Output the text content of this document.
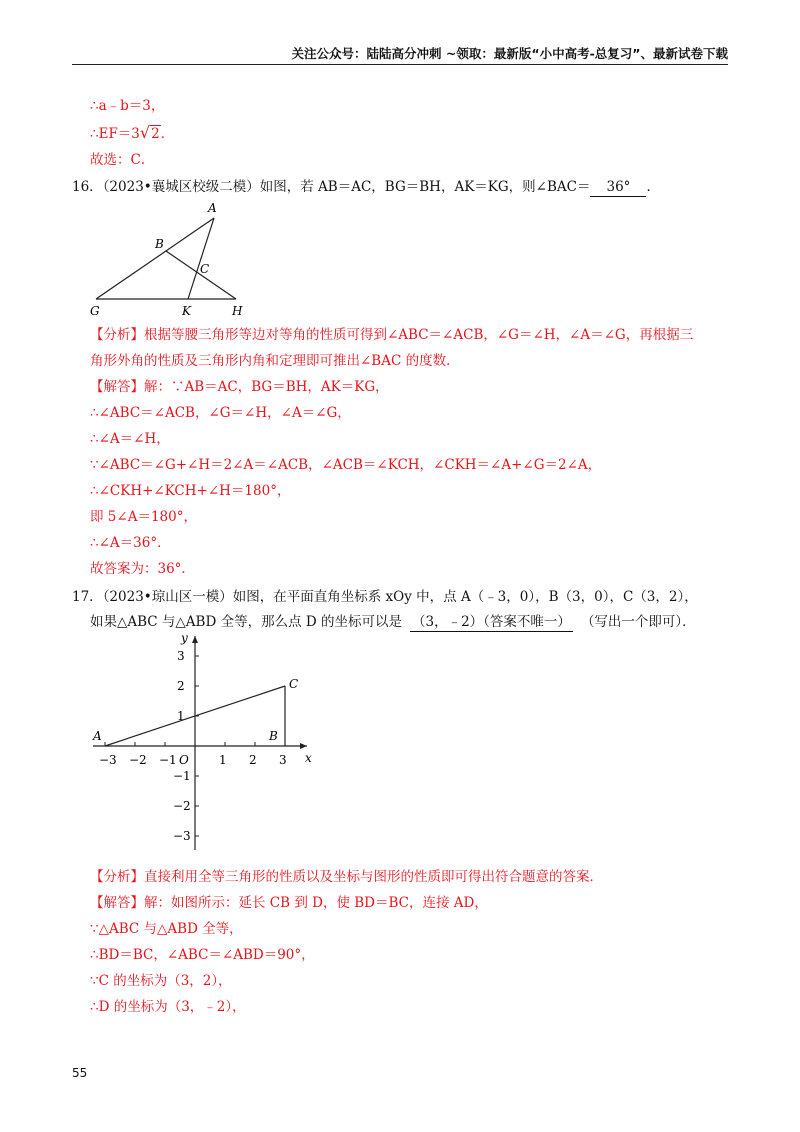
关注公众号：陆陆高分冲刺 ~领取：最新版“小中高考-总复习”、最新试卷下载
∴a﹣b＝3，
∴EF＝3√2．
故选：C．
16．（2023•襄城区校级二模）如图，若 AB＝AC，BG＝BH，AK＝KG，则∠BAC＝ 36° ．
A
B
C
G	K	H
【分析】根据等腰三角形等边对等角的性质可得到∠ABC＝∠ACB，∠G＝∠H，∠A＝∠G，再根据三
角形外角的性质及三角形内角和定理即可推出∠BAC 的度数．
【解答】解：∵AB＝AC，BG＝BH，AK＝KG，
∴∠ABC＝∠ACB，∠G＝∠H，∠A＝∠G，
∴∠A＝∠H，
∵∠ABC＝∠G+∠H＝2∠A＝∠ACB，∠ACB＝∠KCH，∠CKH＝∠A+∠G＝2∠A，
∴∠CKH+∠KCH+∠H＝180°，
即 5∠A＝180°，
∴∠A＝36°．
故答案为：36°．
17．（2023•琼山区一模）如图，在平面直角坐标系 xOy 中，点 A（﹣3，0），B（3，0），C（3，2），
如果△ABC 与△ABD 全等，那么点 D 的坐标可以是 （3，﹣2）（答案不唯一） （写出一个即可）．
x
y
−3 −2 −1 O	1 2 3
3
2
1
−1
−2
−3
A	B
C
【分析】直接利用全等三角形的性质以及坐标与图形的性质即可得出符合题意的答案．
【解答】解：如图所示：延长 CB 到 D，使 BD＝BC，连接 AD，
∵△ABC 与△ABD 全等，
∴BD＝BC，∠ABC＝∠ABD＝90°，
∵C 的坐标为（3，2），
∴D 的坐标为（3，﹣2），
55
